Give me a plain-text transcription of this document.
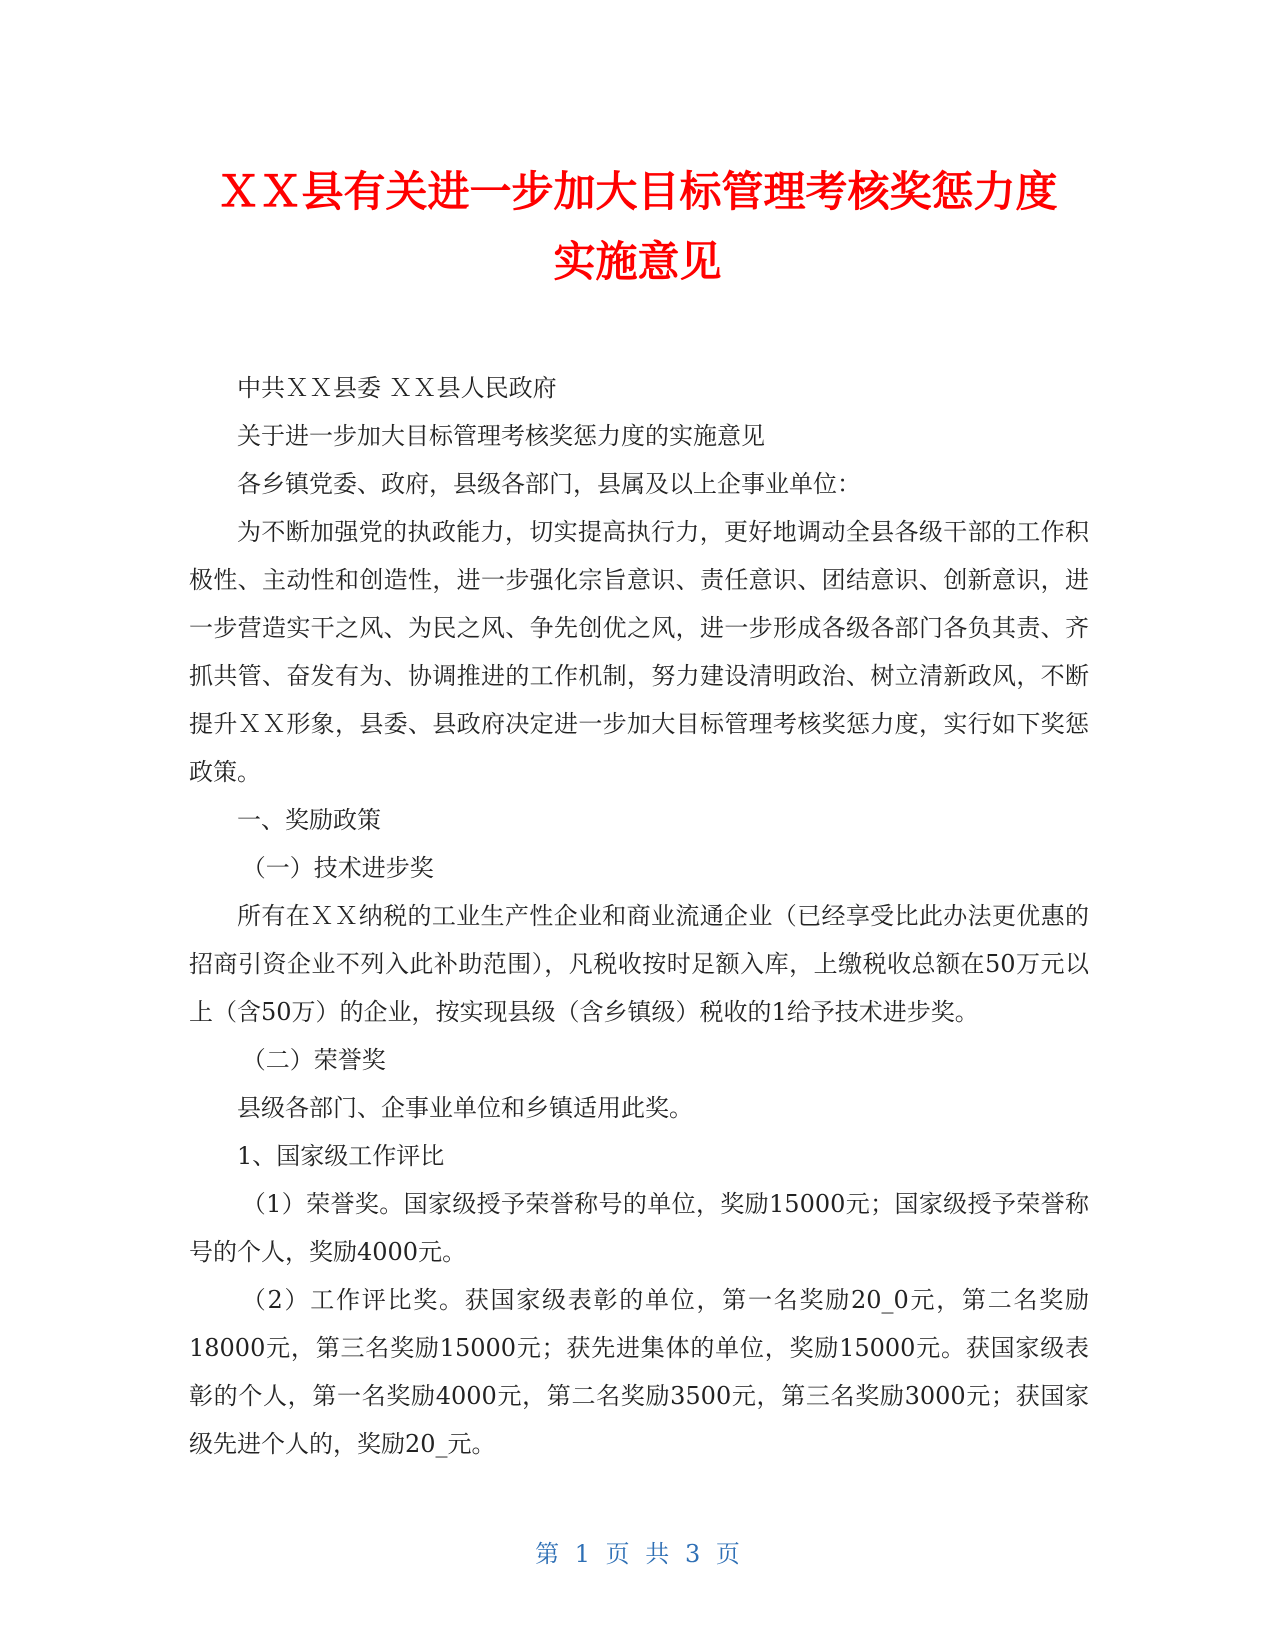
ＸＸ县有关进一步加大目标管理考核奖惩力度
实施意见

中共ＸＸ县委 ＸＸ县人民政府

关于进一步加大目标管理考核奖惩力度的实施意见

各乡镇党委、政府，县级各部门，县属及以上企事业单位：

为不断加强党的执政能力，切实提高执行力，更好地调动全县各级干部的工作积极性、主动性和创造性，进一步强化宗旨意识、责任意识、团结意识、创新意识，进一步营造实干之风、为民之风、争先创优之风，进一步形成各级各部门各负其责、齐抓共管、奋发有为、协调推进的工作机制，努力建设清明政治、树立清新政风，不断提升ＸＸ形象，县委、县政府决定进一步加大目标管理考核奖惩力度，实行如下奖惩政策。

一、奖励政策

（一）技术进步奖

所有在ＸＸ纳税的工业生产性企业和商业流通企业（已经享受比此办法更优惠的招商引资企业不列入此补助范围），凡税收按时足额入库，上缴税收总额在50万元以上（含50万）的企业，按实现县级（含乡镇级）税收的1给予技术进步奖。

（二）荣誉奖

县级各部门、企事业单位和乡镇适用此奖。

1、国家级工作评比

（1）荣誉奖。国家级授予荣誉称号的单位，奖励15000元；国家级授予荣誉称号的个人，奖励4000元。

（2）工作评比奖。获国家级表彰的单位，第一名奖励20_0元，第二名奖励18000元，第三名奖励15000元；获先进集体的单位，奖励15000元。获国家级表彰的个人，第一名奖励4000元，第二名奖励3500元，第三名奖励3000元；获国家级先进个人的，奖励20_元。

第 1 页 共 3 页
